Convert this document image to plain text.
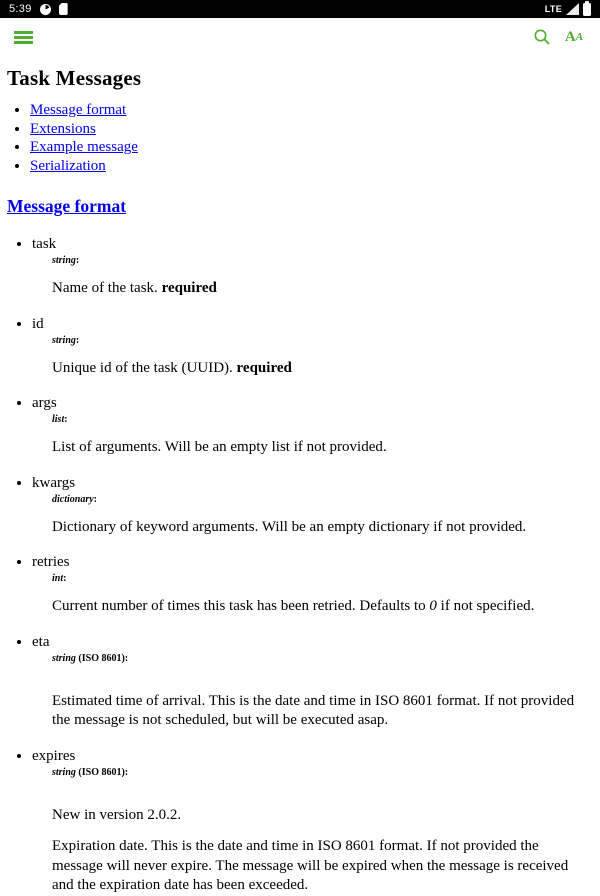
5:39	LTE
A A
Task Messages
• Message format
• Extensions
• Example message
• Serialization
Message format
• task
string:

Name of the task. required

• id
string:

Unique id of the task (UUID). required

• args
list:

List of arguments. Will be an empty list if not provided.

• kwargs
dictionary:

Dictionary of keyword arguments. Will be an empty dictionary if not provided.

• retries
int:

Current number of times this task has been retried. Defaults to 0 if not specified.

• eta
string (ISO 8601):

Estimated time of arrival. This is the date and time in ISO 8601 format. If not provided the message is not scheduled, but will be executed asap.

• expires
string (ISO 8601):

New in version 2.0.2.

Expiration date. This is the date and time in ISO 8601 format. If not provided the message will never expire. The message will be expired when the message is received and the expiration date has been exceeded.
